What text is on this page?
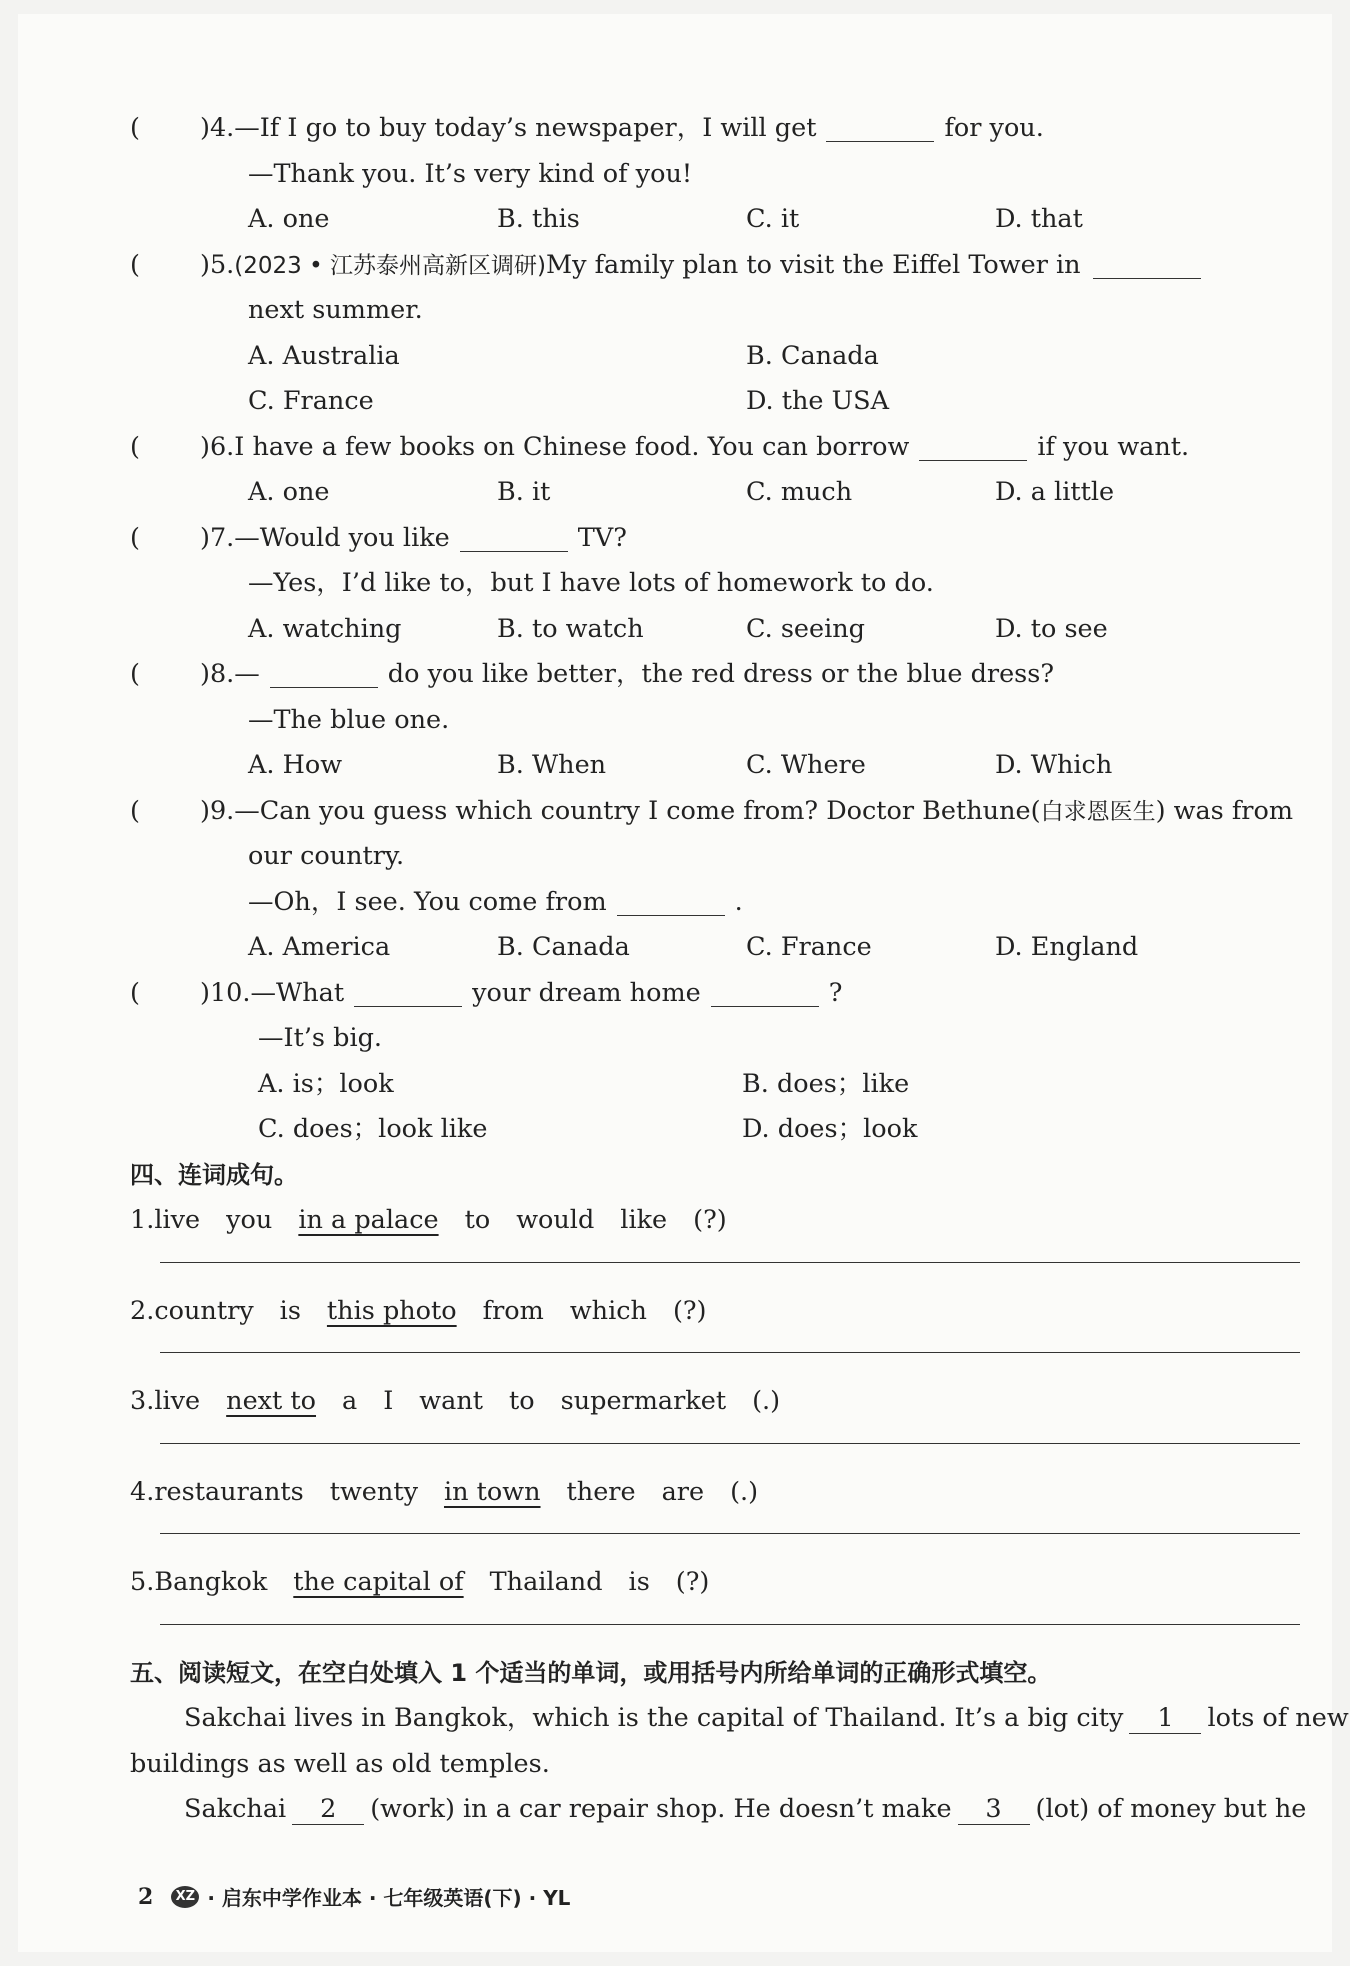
( )4.—If I go to buy today’s newspaper，I will get	for you.
—Thank you. It’s very kind of you!
A. one	B. this	C. it	D. that
( )5.(2023 • 江苏泰州高新区调研)My family plan to visit the Eiffel Tower in
next summer.
A. Australia	B. Canada
C. France	D. the USA
( )6.I have a few books on Chinese food. You can borrow	if you want.
A. one	B. it	C. much	D. a little
( )7.—Would you like	TV?
—Yes，I’d like to，but I have lots of homework to do.
A. watching	B. to watch	C. seeing	D. to see
( )8.—	do you like better，the red dress or the blue dress?
—The blue one.
A. How	B. When	C. Where	D. Which
( )9.—Can you guess which country I come from? Doctor Bethune(白求恩医生) was from
our country.
—Oh，I see. You come from	.
A. America	B. Canada	C. France	D. England
( )10.—What	your dream home	?
—It’s big.
A. is；look	B. does；like
C. does；look like	D. does；look
四、连词成句。
1.live you in a palace to would like (?)
2.country is this photo from which (?)
3.live next to a I want to supermarket (.)
4.restaurants twenty in town there are (.)
5.Bangkok the capital of Thailand is (?)
五、阅读短文，在空白处填入 1 个适当的单词，或用括号内所给单词的正确形式填空。
Sakchai lives in Bangkok，which is the capital of Thailand. It’s a big city 1 lots of new
buildings as well as old temples.
Sakchai 2 (work) in a car repair shop. He doesn’t make 3 (lot) of money but he
2	XZ · 启东中学作业本 · 七年级英语(下) · YL
